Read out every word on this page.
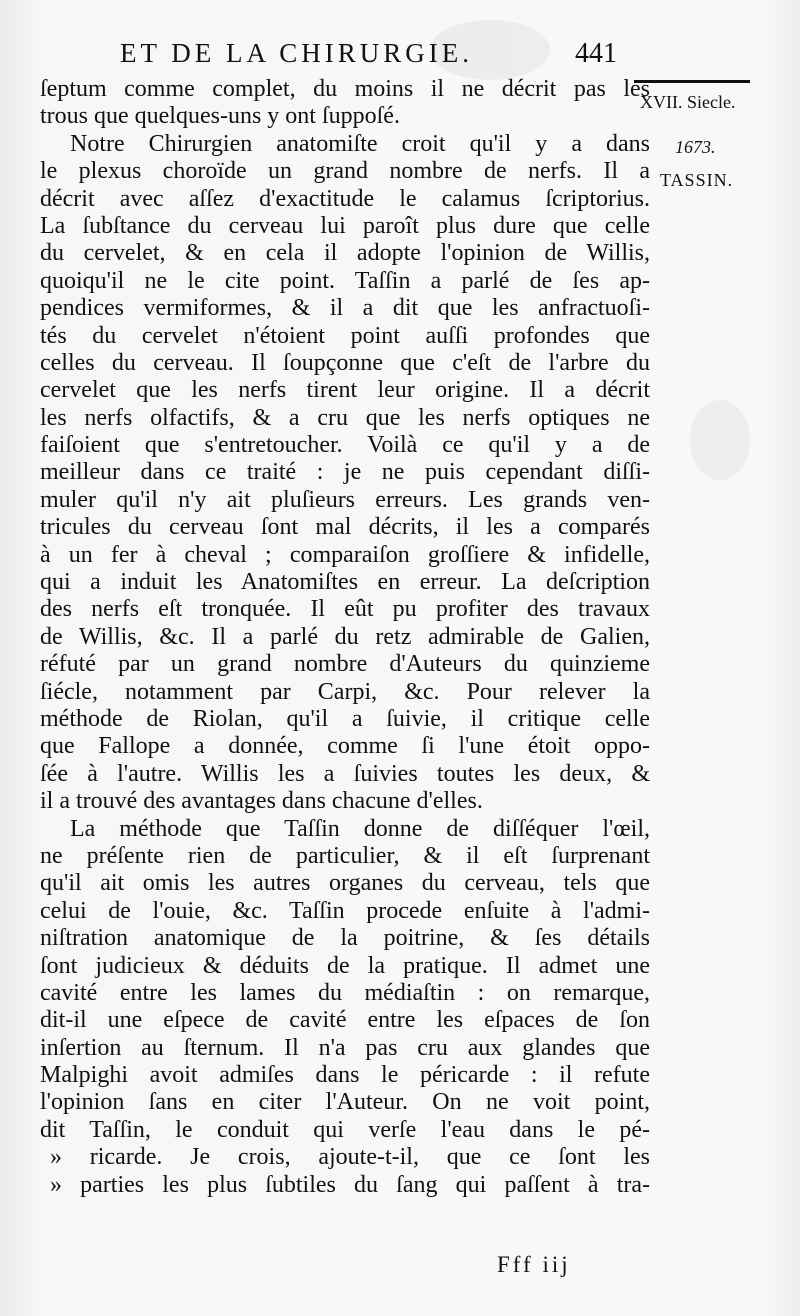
ET DE LA CHIRURGIE.	441
XVII. Siecle.
1673.
TASSIN.
ſeptum comme complet, du moins il ne décrit pas les
trous que quelques-uns y ont ſuppoſé.
Notre Chirurgien anatomiſte croit qu'il y a dans
le plexus choroïde un grand nombre de nerfs. Il a
décrit avec aſſez d'exactitude le calamus ſcriptorius.
La ſubſtance du cerveau lui paroît plus dure que celle
du cervelet, & en cela il adopte l'opinion de Willis,
quoiqu'il ne le cite point. Taſſin a parlé de ſes ap-
pendices vermiformes, & il a dit que les anfractuoſi-
tés du cervelet n'étoient point auſſi profondes que
celles du cerveau. Il ſoupçonne que c'eſt de l'arbre du
cervelet que les nerfs tirent leur origine. Il a décrit
les nerfs olfactifs, & a cru que les nerfs optiques ne
faiſoient que s'entretoucher. Voilà ce qu'il y a de
meilleur dans ce traité : je ne puis cependant diſſi-
muler qu'il n'y ait pluſieurs erreurs. Les grands ven-
tricules du cerveau ſont mal décrits, il les a comparés
à un fer à cheval ; comparaiſon groſſiere & infidelle,
qui a induit les Anatomiſtes en erreur. La deſcription
des nerfs eſt tronquée. Il eût pu profiter des travaux
de Willis, &c. Il a parlé du retz admirable de Galien,
réfuté par un grand nombre d'Auteurs du quinzieme
ſiécle, notamment par Carpi, &c. Pour relever la
méthode de Riolan, qu'il a ſuivie, il critique celle
que Fallope a donnée, comme ſi l'une étoit oppo-
ſée à l'autre. Willis les a ſuivies toutes les deux, &
il a trouvé des avantages dans chacune d'elles.
La méthode que Taſſin donne de diſſéquer l'œil,
ne préſente rien de particulier, & il eſt ſurprenant
qu'il ait omis les autres organes du cerveau, tels que
celui de l'ouie, &c. Taſſin procede enſuite à l'admi-
niſtration anatomique de la poitrine, & ſes détails
ſont judicieux & déduits de la pratique. Il admet une
cavité entre les lames du médiaſtin : on remarque,
dit-il une eſpece de cavité entre les eſpaces de ſon
inſertion au ſternum. Il n'a pas cru aux glandes que
Malpighi avoit admiſes dans le péricarde : il refute
l'opinion ſans en citer l'Auteur. On ne voit point,
dit Taſſin, le conduit qui verſe l'eau dans le pé-
» ricarde. Je crois, ajoute-t-il, que ce ſont les
» parties les plus ſubtiles du ſang qui paſſent à tra-
Fff iij
